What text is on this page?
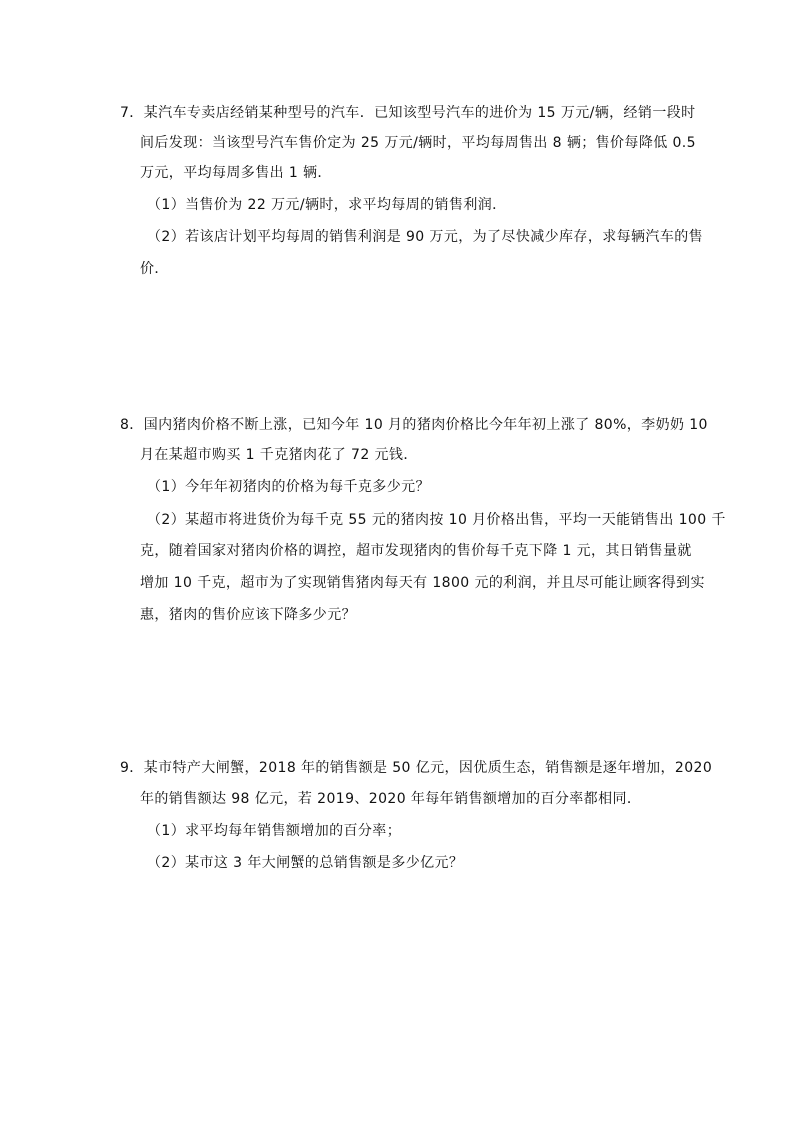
7．某汽车专卖店经销某种型号的汽车．已知该型号汽车的进价为 15 万元/辆，经销一段时
间后发现：当该型号汽车售价定为 25 万元/辆时，平均每周售出 8 辆；售价每降低 0.5
万元，平均每周多售出 1 辆．
（1）当售价为 22 万元/辆时，求平均每周的销售利润．
（2）若该店计划平均每周的销售利润是 90 万元，为了尽快减少库存，求每辆汽车的售
价．
8．国内猪肉价格不断上涨，已知今年 10 月的猪肉价格比今年年初上涨了 80%，李奶奶 10
月在某超市购买 1 千克猪肉花了 72 元钱．
（1）今年年初猪肉的价格为每千克多少元？
（2）某超市将进货价为每千克 55 元的猪肉按 10 月价格出售，平均一天能销售出 100 千
克，随着国家对猪肉价格的调控，超市发现猪肉的售价每千克下降 1 元，其日销售量就
增加 10 千克，超市为了实现销售猪肉每天有 1800 元的利润，并且尽可能让顾客得到实
惠，猪肉的售价应该下降多少元？
9．某市特产大闸蟹，2018 年的销售额是 50 亿元，因优质生态，销售额是逐年增加，2020
年的销售额达 98 亿元，若 2019、2020 年每年销售额增加的百分率都相同．
（1）求平均每年销售额增加的百分率；
（2）某市这 3 年大闸蟹的总销售额是多少亿元？
